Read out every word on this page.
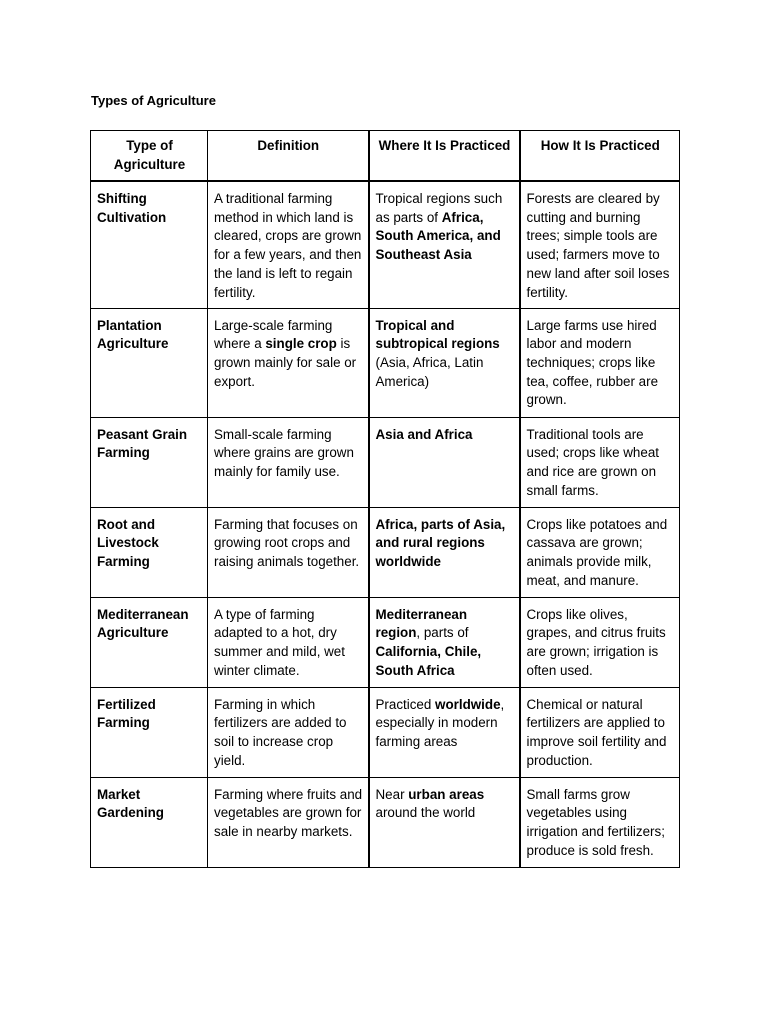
Types of Agriculture
Type of Agriculture	Definition	Where It Is Practiced	How It Is Practiced
Shifting Cultivation	A traditional farming method in which land is cleared, crops are grown for a few years, and then the land is left to regain fertility.	Tropical regions such as parts of Africa, South America, and Southeast Asia	Forests are cleared by cutting and burning trees; simple tools are used; farmers move to new land after soil loses fertility.
Plantation Agriculture	Large-scale farming where a single crop is grown mainly for sale or export.	Tropical and subtropical regions (Asia, Africa, Latin America)	Large farms use hired labor and modern techniques; crops like tea, coffee, rubber are grown.
Peasant Grain Farming	Small-scale farming where grains are grown mainly for family use.	Asia and Africa	Traditional tools are used; crops like wheat and rice are grown on small farms.
Root and Livestock Farming	Farming that focuses on growing root crops and raising animals together.	Africa, parts of Asia, and rural regions worldwide	Crops like potatoes and cassava are grown; animals provide milk, meat, and manure.
Mediterranean Agriculture	A type of farming adapted to a hot, dry summer and mild, wet winter climate.	Mediterranean region, parts of California, Chile, South Africa	Crops like olives, grapes, and citrus fruits are grown; irrigation is often used.
Fertilized Farming	Farming in which fertilizers are added to soil to increase crop yield.	Practiced worldwide, especially in modern farming areas	Chemical or natural fertilizers are applied to improve soil fertility and production.
Market Gardening	Farming where fruits and vegetables are grown for sale in nearby markets.	Near urban areas around the world	Small farms grow vegetables using irrigation and fertilizers; produce is sold fresh.
